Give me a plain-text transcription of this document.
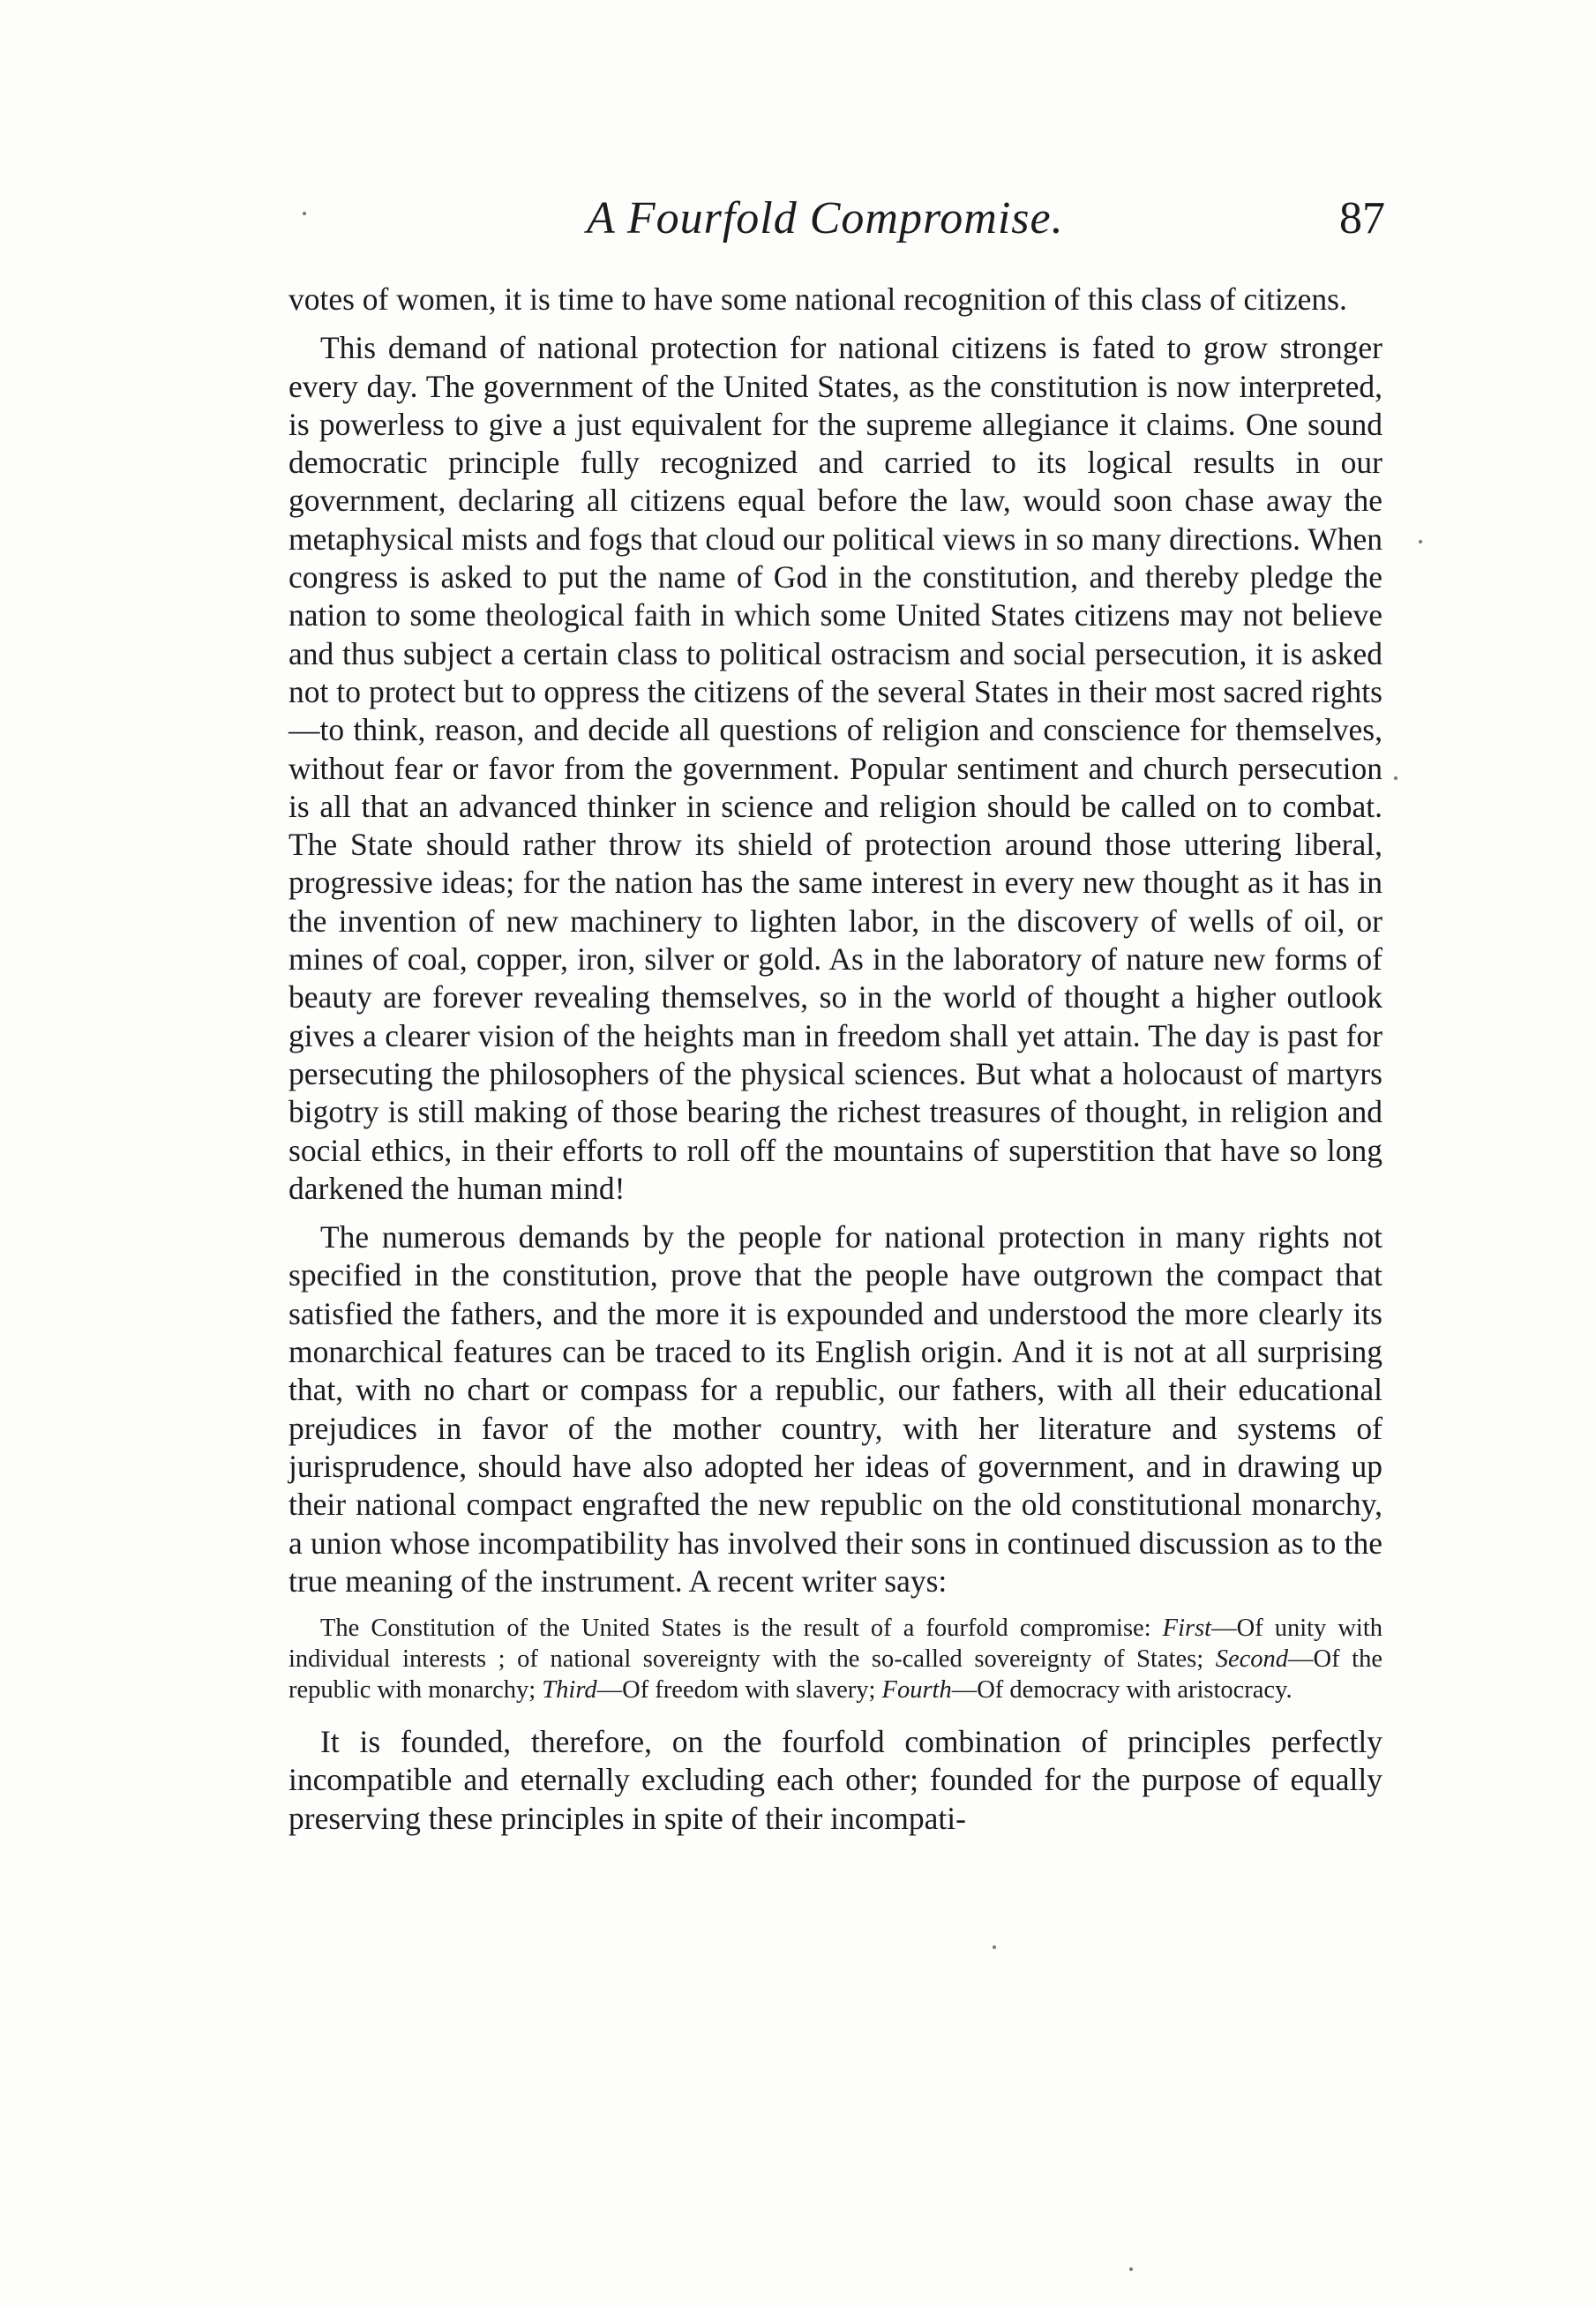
A Fourfold Compromise.	87

votes of women, it is time to have some national recognition of this class of citizens.

This demand of national protection for national citizens is fated to grow stronger every day. The government of the United States, as the constitution is now interpreted, is powerless to give a just equivalent for the supreme allegiance it claims. One sound democratic principle fully recognized and carried to its logical results in our government, declaring all citizens equal before the law, would soon chase away the metaphysical mists and fogs that cloud our political views in so many directions. When congress is asked to put the name of God in the constitution, and thereby pledge the nation to some theological faith in which some United States citizens may not believe and thus subject a certain class to political ostracism and social persecution, it is asked not to protect but to oppress the citizens of the several States in their most sacred rights—to think, reason, and decide all questions of religion and conscience for themselves, without fear or favor from the government. Popular sentiment and church persecution is all that an advanced thinker in science and religion should be called on to combat. The State should rather throw its shield of protection around those uttering liberal, progressive ideas; for the nation has the same interest in every new thought as it has in the invention of new machinery to lighten labor, in the discovery of wells of oil, or mines of coal, copper, iron, silver or gold. As in the laboratory of nature new forms of beauty are forever revealing themselves, so in the world of thought a higher outlook gives a clearer vision of the heights man in freedom shall yet attain. The day is past for persecuting the philosophers of the physical sciences. But what a holocaust of martyrs bigotry is still making of those bearing the richest treasures of thought, in religion and social ethics, in their efforts to roll off the mountains of superstition that have so long darkened the human mind!

The numerous demands by the people for national protection in many rights not specified in the constitution, prove that the people have outgrown the compact that satisfied the fathers, and the more it is expounded and understood the more clearly its monarchical features can be traced to its English origin. And it is not at all surprising that, with no chart or compass for a republic, our fathers, with all their educational prejudices in favor of the mother country, with her literature and systems of jurisprudence, should have also adopted her ideas of government, and in drawing up their national compact engrafted the new republic on the old constitutional monarchy, a union whose incompatibility has involved their sons in continued discussion as to the true meaning of the instrument. A recent writer says:

The Constitution of the United States is the result of a fourfold compromise: First—Of unity with individual interests ; of national sovereignty with the so-called sovereignty of States; Second—Of the republic with monarchy; Third—Of freedom with slavery; Fourth—Of democracy with aristocracy.

It is founded, therefore, on the fourfold combination of principles perfectly incompatible and eternally excluding each other; founded for the purpose of equally preserving these principles in spite of their incompati-
